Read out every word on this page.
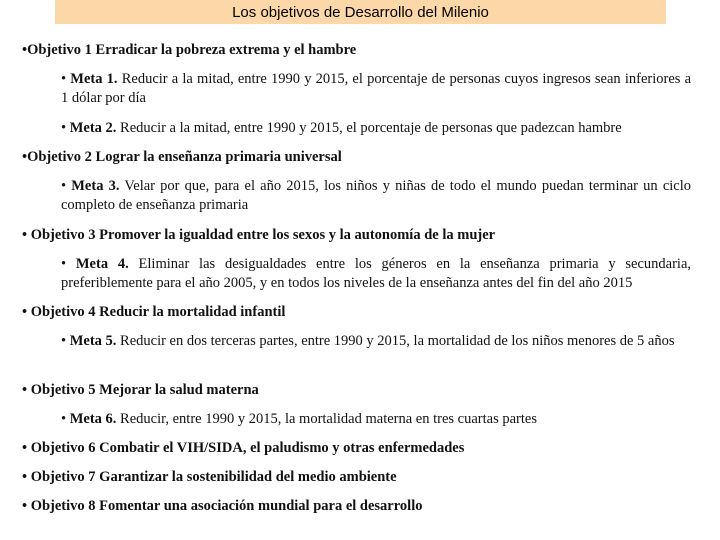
Los objetivos de Desarrollo del Milenio

•Objetivo 1 Erradicar la pobreza extrema y el hambre

• Meta 1. Reducir a la mitad, entre 1990 y 2015, el porcentaje de personas cuyos ingresos sean inferiores a 1 dólar por día

• Meta 2. Reducir a la mitad, entre 1990 y 2015, el porcentaje de personas que padezcan hambre

•Objetivo 2 Lograr la enseñanza primaria universal

• Meta 3. Velar por que, para el año 2015, los niños y niñas de todo el mundo puedan terminar un ciclo completo de enseñanza primaria

• Objetivo 3 Promover la igualdad entre los sexos y la autonomía de la mujer

• Meta 4. Eliminar las desigualdades entre los géneros en la enseñanza primaria y secundaria, preferiblemente para el año 2005, y en todos los niveles de la enseñanza antes del fin del año 2015

• Objetivo 4 Reducir la mortalidad infantil

• Meta 5. Reducir en dos terceras partes, entre 1990 y 2015, la mortalidad de los niños menores de 5 años

• Objetivo 5 Mejorar la salud materna

• Meta 6. Reducir, entre 1990 y 2015, la mortalidad materna en tres cuartas partes

• Objetivo 6 Combatir el VIH/SIDA, el paludismo y otras enfermedades

• Objetivo 7 Garantizar la sostenibilidad del medio ambiente

• Objetivo 8 Fomentar una asociación mundial para el desarrollo
